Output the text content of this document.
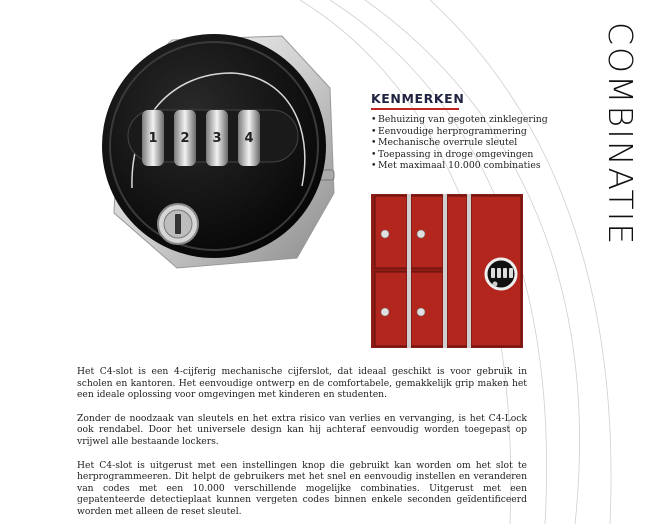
1 2 3 4	COMBINATIE
KENMERKEN
• Behuizing van gegoten zinklegering
• Eenvoudige herprogrammering
• Mechanische overrule sleutel
• Toepassing in droge omgevingen
• Met maximaal 10.000 combinaties

Het C4-slot is een 4-cijferig mechanische cijferslot, dat ideaal geschikt is voor gebruik in scholen en kantoren. Het eenvoudige ontwerp en de comfortabele, gemakkelijk grip maken het een ideale oplossing voor omgevingen met kinderen en studenten.

Zonder de noodzaak van sleutels en het extra risico van verlies en vervanging, is het C4-Lock ook rendabel. Door het universele design kan hij achteraf eenvoudig worden toegepast op vrijwel alle bestaande lockers.

Het C4-slot is uitgerust met een instellingen knop die gebruikt kan worden om het slot te herprogrammeeren. Dit helpt de gebruikers met het snel en eenvoudig instellen en veranderen van codes met een 10.000 verschillende mogelijke combinaties. Uitgerust met een gepatenteerde detectieplaat kunnen vergeten codes binnen enkele seconden geïdentificeerd worden met alleen de reset sleutel.
